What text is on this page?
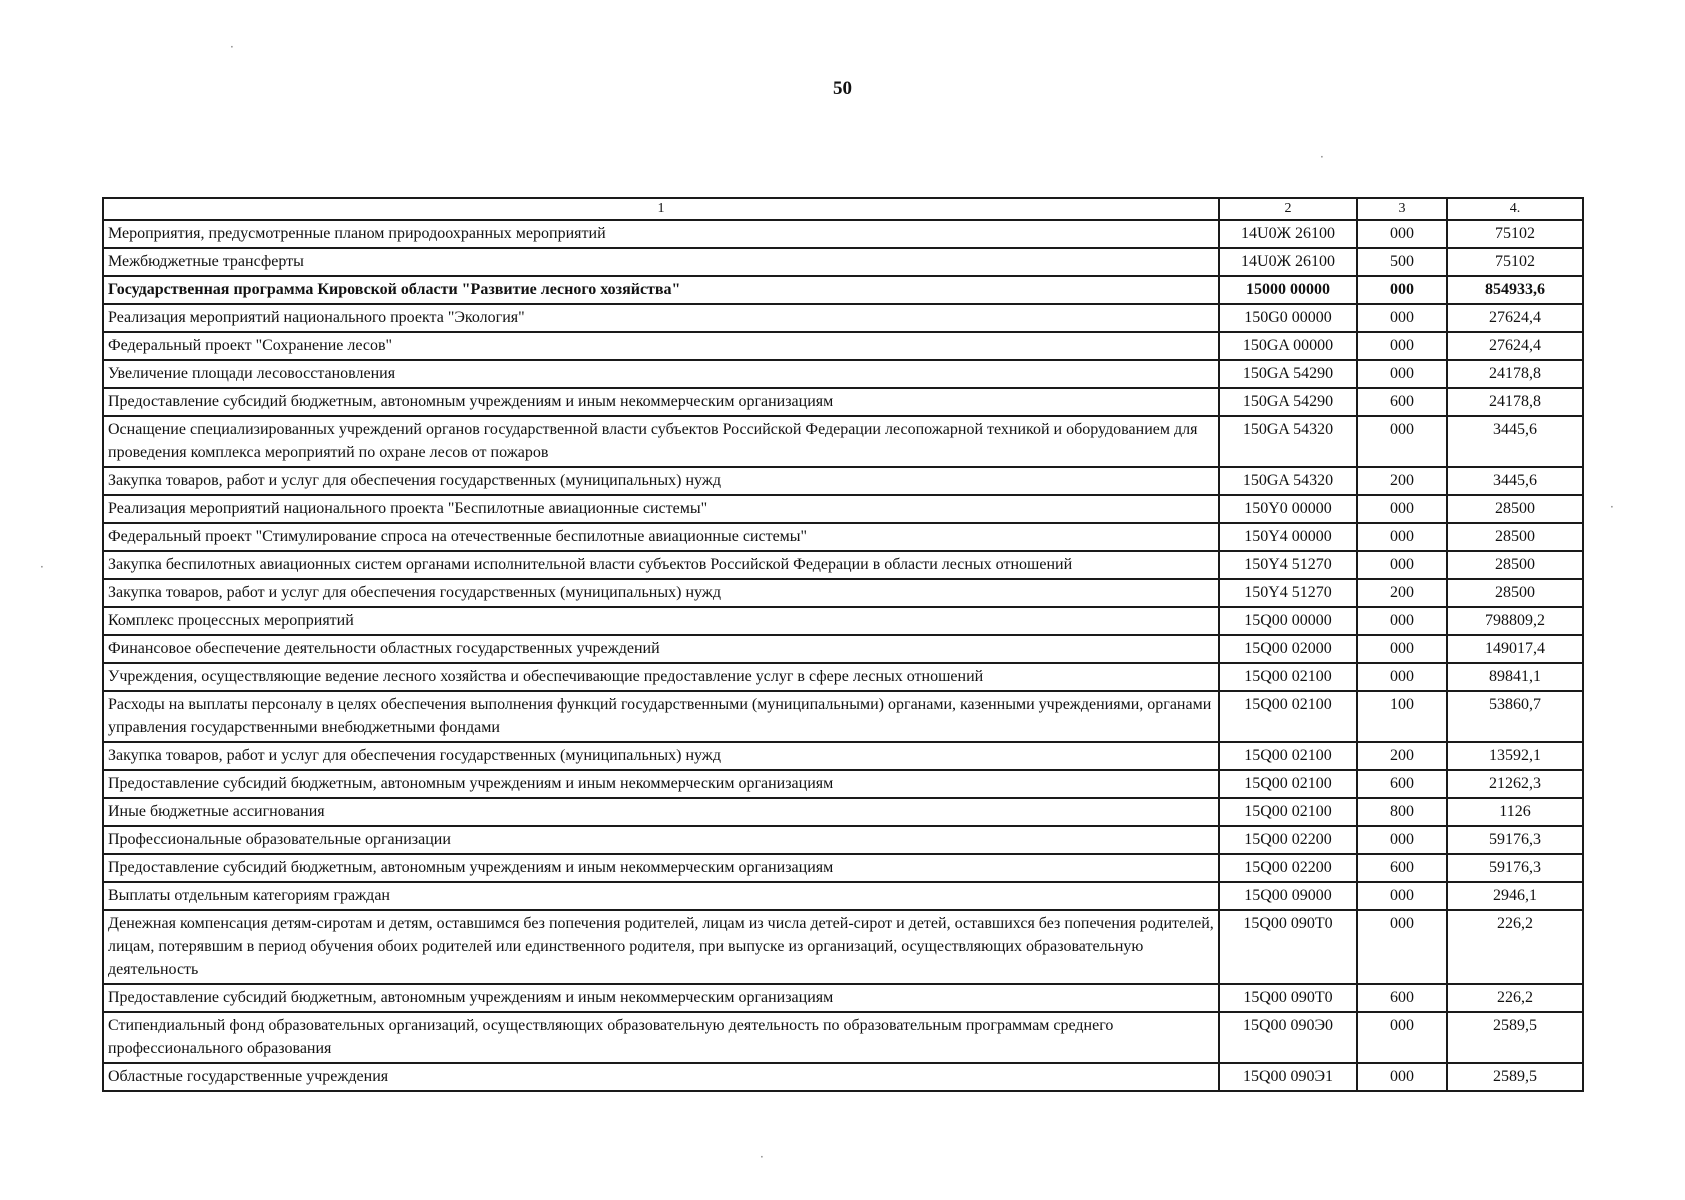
50
1	2	3	4.
Мероприятия, предусмотренные планом природоохранных мероприятий	14U0Ж 26100	000	75102
Межбюджетные трансферты	14U0Ж 26100	500	75102
Государственная программа Кировской области "Развитие лесного хозяйства"	15000 00000	000	854933,6
Реализация мероприятий национального проекта "Экология"	150G0 00000	000	27624,4
Федеральный проект "Сохранение лесов"	150GA 00000	000	27624,4
Увеличение площади лесовосстановления	150GA 54290	000	24178,8
Предоставление субсидий бюджетным, автономным учреждениям и иным некоммерческим организациям	150GA 54290	600	24178,8
Оснащение специализированных учреждений органов государственной власти субъектов Российской Федерации лесопожарной техникой и оборудованием для проведения комплекса мероприятий по охране лесов от пожаров	150GA 54320	000	3445,6
Закупка товаров, работ и услуг для обеспечения государственных (муниципальных) нужд	150GA 54320	200	3445,6
Реализация мероприятий национального проекта "Беспилотные авиационные системы"	150Y0 00000	000	28500
Федеральный проект "Стимулирование спроса на отечественные беспилотные авиационные системы"	150Y4 00000	000	28500
Закупка беспилотных авиационных систем органами исполнительной власти субъектов Российской Федерации в области лесных отношений	150Y4 51270	000	28500
Закупка товаров, работ и услуг для обеспечения государственных (муниципальных) нужд	150Y4 51270	200	28500
Комплекс процессных мероприятий	15Q00 00000	000	798809,2
Финансовое обеспечение деятельности областных государственных учреждений	15Q00 02000	000	149017,4
Учреждения, осуществляющие ведение лесного хозяйства и обеспечивающие предоставление услуг в сфере лесных отношений	15Q00 02100	000	89841,1
Расходы на выплаты персоналу в целях обеспечения выполнения функций государственными (муниципальными) органами, казенными учреждениями, органами управления государственными внебюджетными фондами	15Q00 02100	100	53860,7
Закупка товаров, работ и услуг для обеспечения государственных (муниципальных) нужд	15Q00 02100	200	13592,1
Предоставление субсидий бюджетным, автономным учреждениям и иным некоммерческим организациям	15Q00 02100	600	21262,3
Иные бюджетные ассигнования	15Q00 02100	800	1126
Профессиональные образовательные организации	15Q00 02200	000	59176,3
Предоставление субсидий бюджетным, автономным учреждениям и иным некоммерческим организациям	15Q00 02200	600	59176,3
Выплаты отдельным категориям граждан	15Q00 09000	000	2946,1
Денежная компенсация детям-сиротам и детям, оставшимся без попечения родителей, лицам из числа детей-сирот и детей, оставшихся без попечения родителей, лицам, потерявшим в период обучения обоих родителей или единственного родителя, при выпуске из организаций, осуществляющих образовательную деятельность	15Q00 090Т0	000	226,2
Предоставление субсидий бюджетным, автономным учреждениям и иным некоммерческим организациям	15Q00 090Т0	600	226,2
Стипендиальный фонд образовательных организаций, осуществляющих образовательную деятельность по образовательным программам среднего профессионального образования	15Q00 090Э0	000	2589,5
Областные государственные учреждения	15Q00 090Э1	000	2589,5
·
·
·
·
·
